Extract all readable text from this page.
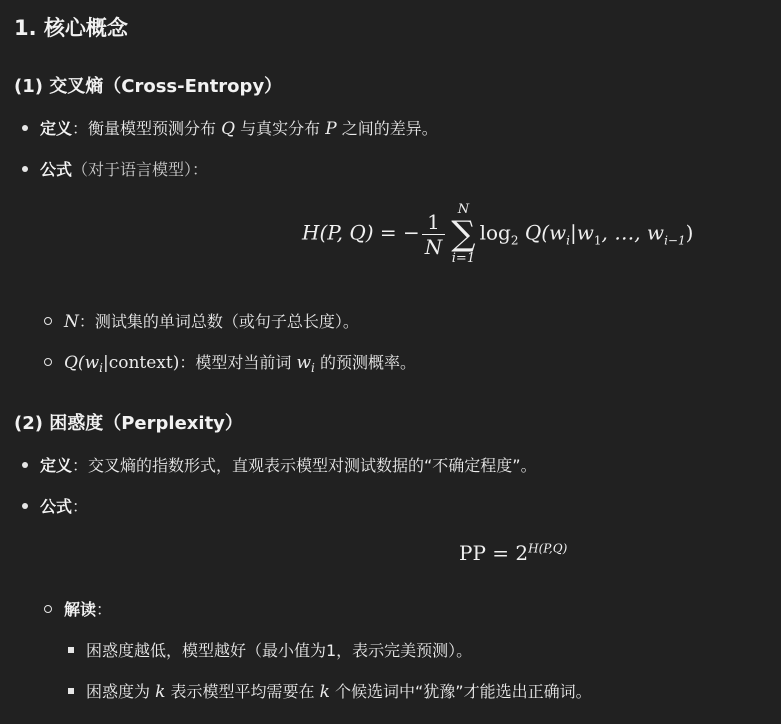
1. 核心概念
(1) 交叉熵（Cross-Entropy）
定义：衡量模型预测分布 Q 与真实分布 P 之间的差异。
公式（对于语言模型）：
H(P, Q) = − $\frac{1}{N}$ N
∑
i=1
$\log_2 Q(w_i|w_1$, …, $w_{i-1}$)
N：测试集的单词总数（或句子总长度）。
$Q(w_i|context)$：模型对当前词 $w_i$ 的预测概率。
(2) 困惑度（Perplexity）
定义：交叉熵的指数形式，直观表示模型对测试数据的“不确定程度”。
公式：
PP = $2^{H(P,Q)}$
解读：
困惑度越低，模型越好（最小值为1，表示完美预测）。
困惑度为 k 表示模型平均需要在 k 个候选词中“犹豫”才能选出正确词。
